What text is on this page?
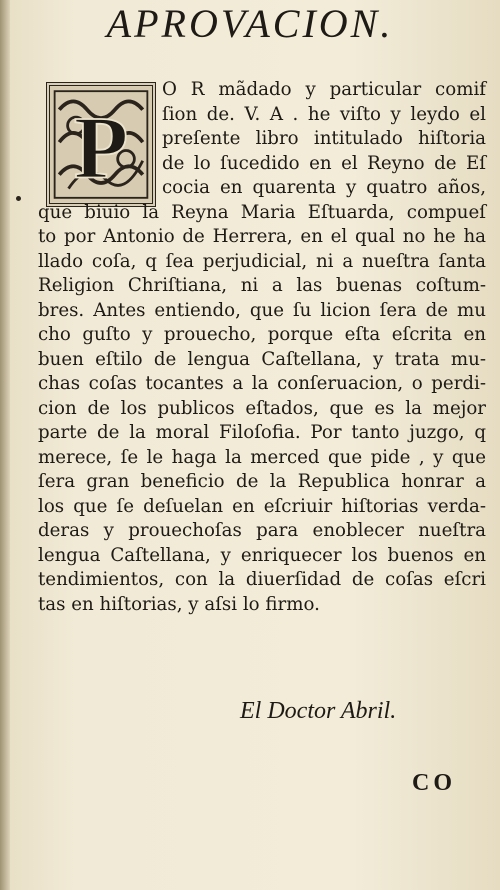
APROVACION.
P
O R mãdado y particular comif
ſion de. V. A . he viſto y leydo el
preſente libro intitulado hiſtoria
de lo ſucedido en el Reyno de Eſ
cocia en quarenta y quatro años,
que biuio la Reyna Maria Eſtuarda, compueſ
to por Antonio de Herrera, en el qual no he ha
llado coſa, q ſea perjudicial, ni a nueſtra ſanta
Religion Chriſtiana, ni a las buenas coſtum-
bres. Antes entiendo, que ſu licion ſera de mu
cho guſto y prouecho, porque eſta eſcrita en
buen eſtilo de lengua Caſtellana, y trata mu-
chas coſas tocantes a la conſeruacion, o perdi-
cion de los publicos eſtados, que es la mejor
parte de la moral Filoſofia. Por tanto juzgo, q
merece, ſe le haga la merced que pide , y que
ſera gran beneficio de la Republica honrar a
los que ſe deſuelan en eſcriuir hiſtorias verda-
deras y prouechoſas para enoblecer nueſtra
lengua Caſtellana, y enriquecer los buenos en
tendimientos, con la diuerſidad de coſas eſcri
tas en hiſtorias, y aſsi lo firmo.

El Doctor Abril.

CO
